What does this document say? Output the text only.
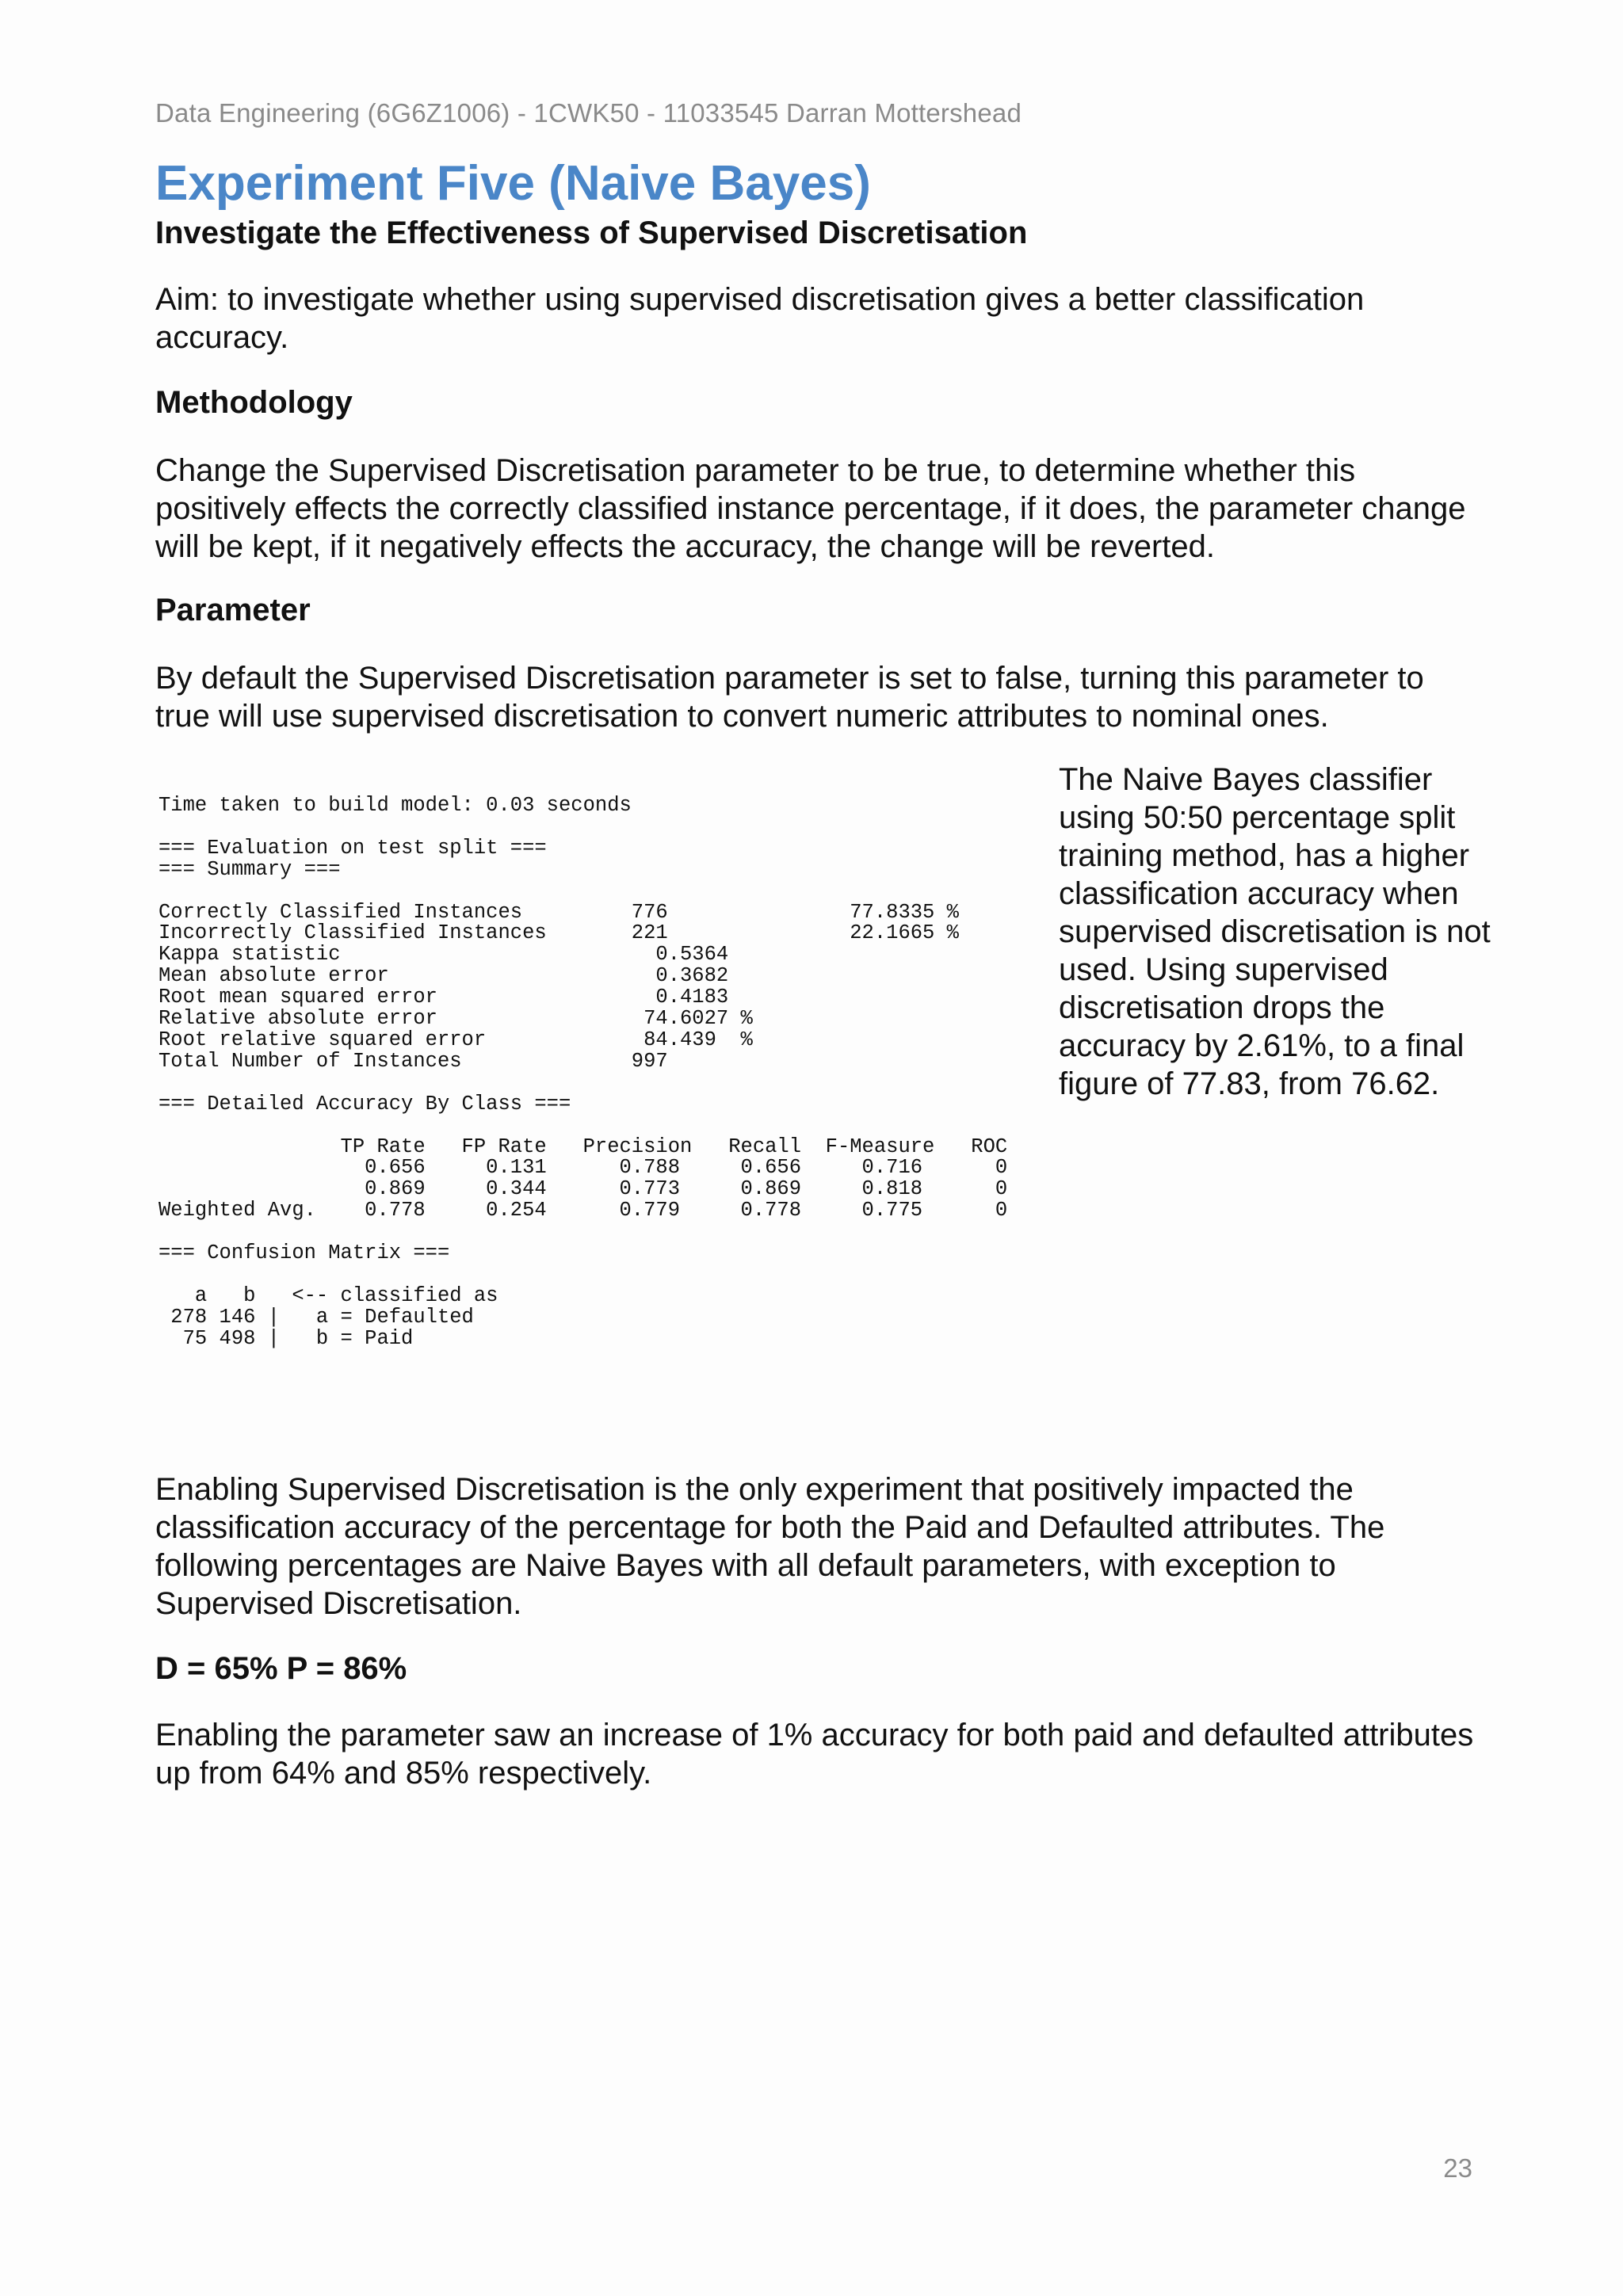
Data Engineering (6G6Z1006) - 1CWK50 - 11033545 Darran Mottershead
Experiment Five (Naive Bayes)
Investigate the Effectiveness of Supervised Discretisation

Aim: to investigate whether using supervised discretisation gives a better classification accuracy.

Methodology

Change the Supervised Discretisation parameter to be true, to determine whether this positively effects the correctly classified instance percentage, if it does, the parameter change will be kept, if it negatively effects the accuracy, the change will be reverted.

Parameter

By default the Supervised Discretisation parameter is set to false, turning this parameter to true will use supervised discretisation to convert numeric attributes to nominal ones.

Time taken to build model: 0.03 seconds

=== Evaluation on test split ===
=== Summary ===

Correctly Classified Instances         776               77.8335 %
Incorrectly Classified Instances       221               22.1665 %
Kappa statistic                          0.5364
Mean absolute error                      0.3682
Root mean squared error                  0.4183
Relative absolute error                 74.6027 %
Root relative squared error             84.439  %
Total Number of Instances              997

=== Detailed Accuracy By Class ===

TP Rate   FP Rate   Precision   Recall  F-Measure   ROC
0.656     0.131      0.788     0.656     0.716      0
0.869     0.344      0.773     0.869     0.818      0
Weighted Avg.    0.778     0.254      0.779     0.778     0.775      0

=== Confusion Matrix ===

a   b   <-- classified as
278 146 |   a = Defaulted
75 498 |   b = Paid

The Naive Bayes classifier using 50:50 percentage split training method, has a higher classification accuracy when supervised discretisation is not used. Using supervised discretisation drops the accuracy by 2.61%, to a final figure of 77.83, from 76.62.

Enabling Supervised Discretisation is the only experiment that positively impacted the classification accuracy of the percentage for both the Paid and Defaulted attributes. The following percentages are Naive Bayes with all default parameters, with exception to Supervised Discretisation.

D = 65% P = 86%

Enabling the parameter saw an increase of 1% accuracy for both paid and defaulted attributes up from 64% and 85% respectively.

23
